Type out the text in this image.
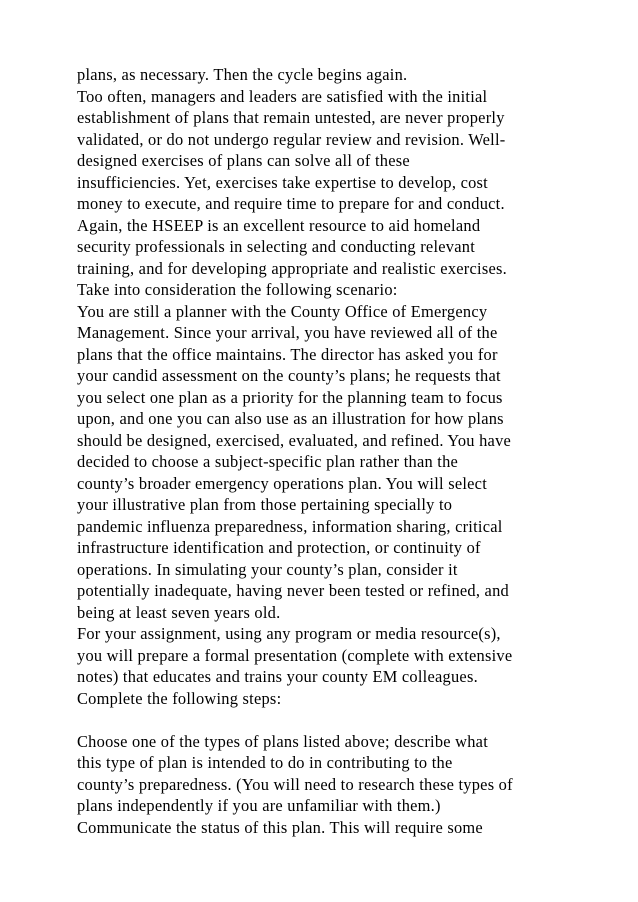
plans, as necessary. Then the cycle begins again.
Too often, managers and leaders are satisfied with the initial
establishment of plans that remain untested, are never properly
validated, or do not undergo regular review and revision. Well-
designed exercises of plans can solve all of these
insufficiencies. Yet, exercises take expertise to develop, cost
money to execute, and require time to prepare for and conduct.
Again, the HSEEP is an excellent resource to aid homeland
security professionals in selecting and conducting relevant
training, and for developing appropriate and realistic exercises.
Take into consideration the following scenario:
You are still a planner with the County Office of Emergency
Management. Since your arrival, you have reviewed all of the
plans that the office maintains. The director has asked you for
your candid assessment on the county’s plans; he requests that
you select one plan as a priority for the planning team to focus
upon, and one you can also use as an illustration for how plans
should be designed, exercised, evaluated, and refined. You have
decided to choose a subject-specific plan rather than the
county’s broader emergency operations plan. You will select
your illustrative plan from those pertaining specially to
pandemic influenza preparedness, information sharing, critical
infrastructure identification and protection, or continuity of
operations. In simulating your county’s plan, consider it
potentially inadequate, having never been tested or refined, and
being at least seven years old.
For your assignment, using any program or media resource(s),
you will prepare a formal presentation (complete with extensive
notes) that educates and trains your county EM colleagues.
Complete the following steps:
Choose one of the types of plans listed above; describe what
this type of plan is intended to do in contributing to the
county’s preparedness. (You will need to research these types of
plans independently if you are unfamiliar with them.)
Communicate the status of this plan. This will require some
